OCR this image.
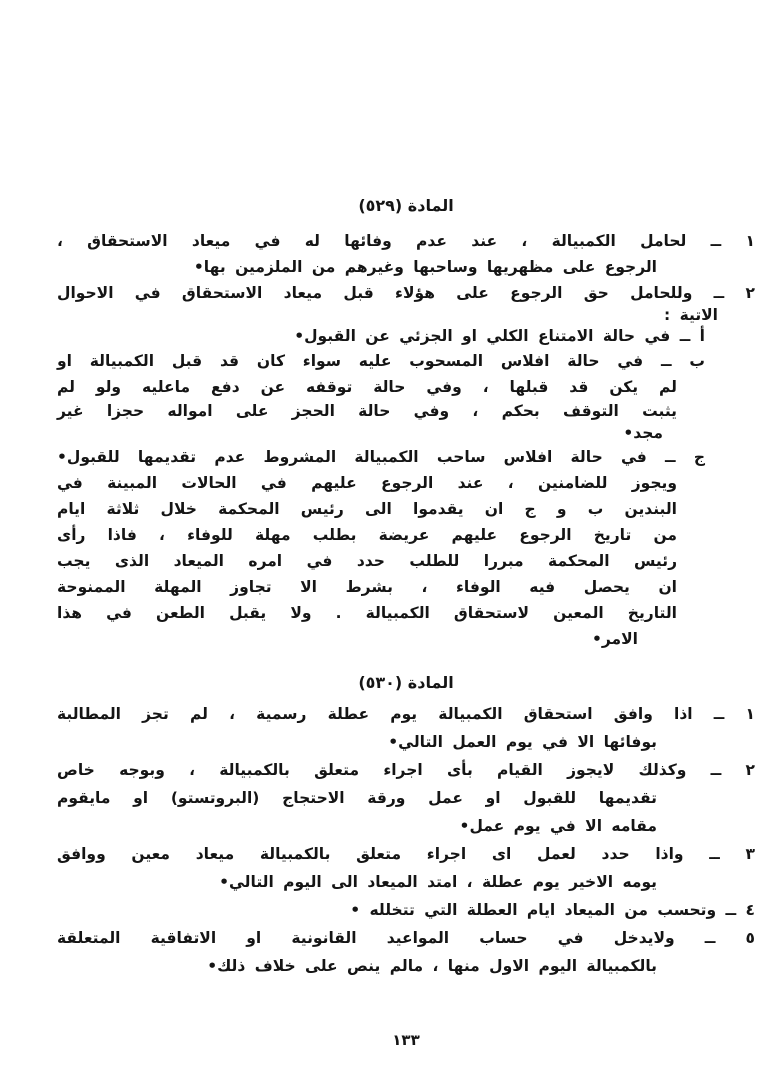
المادة (٥٢٩)
١ ــ لحامل الكمبيالة ، عند عدم وفائها له في ميعاد الاستحقاق ،
الرجوع على مظهريها وساحبها وغيرهم من الملزمين بها•
٢ ــ وللحامل حق الرجوع على هؤلاء قبل ميعاد الاستحقاق في الاحوال
الاتية :
أ ــ في حالة الامتناع الكلي او الجزئي عن القبول•
ب ــ في حالة افلاس المسحوب عليه سواء كان قد قبل الكمبيالة او
لم يكن قد قبلها ، وفي حالة توقفه عن دفع ماعليه ولو لم
يثبت التوقف بحكم ، وفي حالة الحجز على امواله حجزا غير
مجد•
ج ــ في حالة افلاس ساحب الكمبيالة المشروط عدم تقديمها للقبول•
ويجوز للضامنين ، عند الرجوع عليهم في الحالات المبينة في
البندين ب و ج ان يقدموا الى رئيس المحكمة خلال ثلاثة ايام
من تاريخ الرجوع عليهم عريضة بطلب مهلة للوفاء ، فاذا رأى
رئيس المحكمة مبررا للطلب حدد في امره الميعاد الذى يجب
ان يحصل فيه الوفاء ، بشرط الا تجاوز المهلة الممنوحة
التاريخ المعين لاستحقاق الكمبيالة . ولا يقبل الطعن في هذا
الامر•
المادة (٥٣٠)
١ ــ اذا وافق استحقاق الكمبيالة يوم عطلة رسمية ، لم تجز المطالبة
بوفائها الا في يوم العمل التالي•
٢ ــ وكذلك لايجوز القيام بأى اجراء متعلق بالكمبيالة ، وبوجه خاص
تقديمها للقبول او عمل ورقة الاحتجاج (البروتستو) او مايقوم
مقامه الا في يوم عمل•
٣ ــ واذا حدد لعمل اى اجراء متعلق بالكمبيالة ميعاد معين ووافق
يومه الاخير يوم عطلة ، امتد الميعاد الى اليوم التالي•
٤ ــ وتحسب من الميعاد ايام العطلة التي تتخلله •
٥ ــ ولايدخل في حساب المواعيد القانونية او الاتفاقية المتعلقة
بالكمبيالة اليوم الاول منها ، مالم ينص على خلاف ذلك•
١٣٣
